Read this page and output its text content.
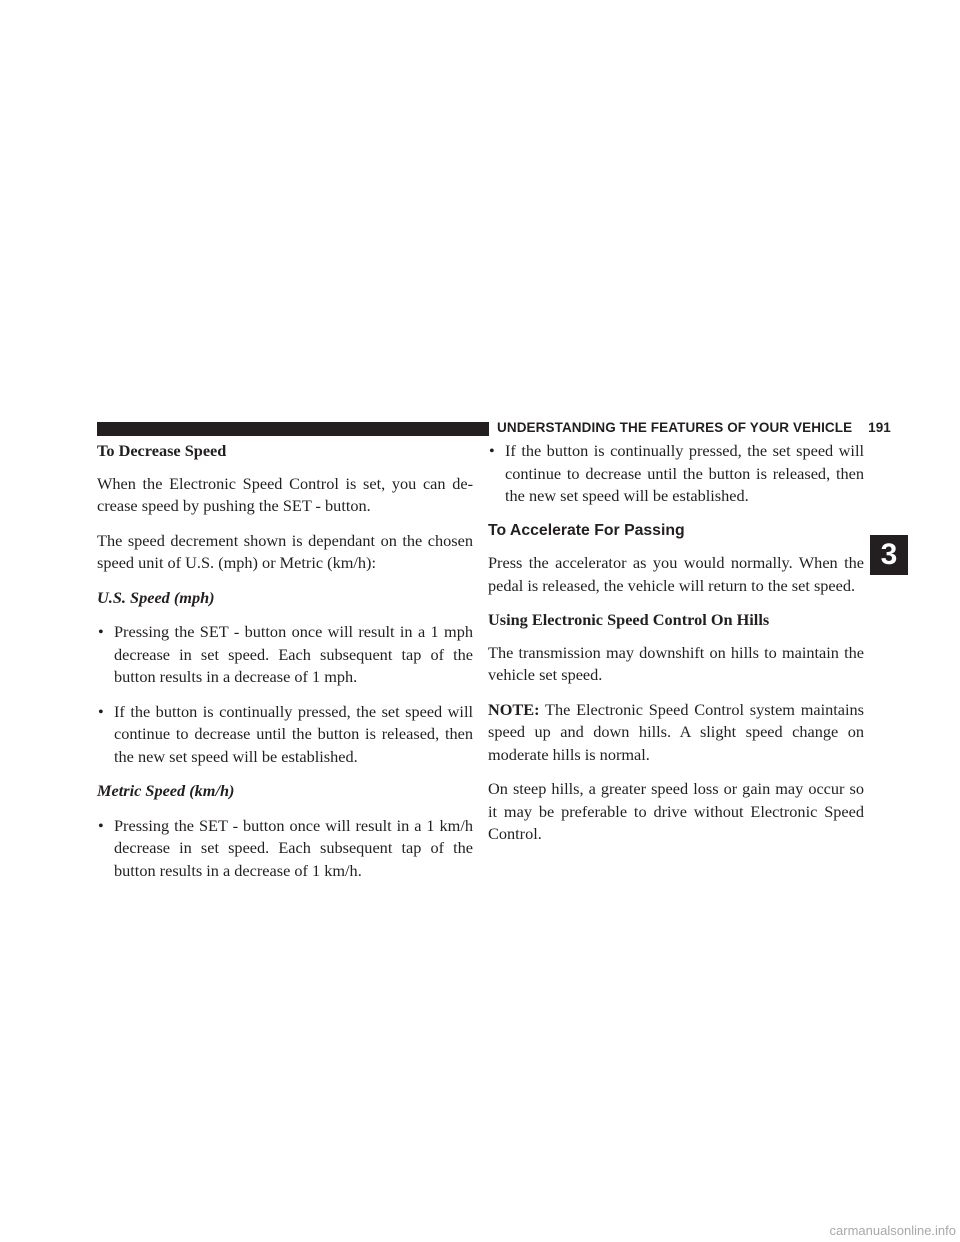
UNDERSTANDING THE FEATURES OF YOUR VEHICLE 191
To Decrease Speed

When the Electronic Speed Control is set, you can de-crease speed by pushing the SET - button.

The speed decrement shown is dependant on the chosen speed unit of U.S. (mph) or Metric (km/h):

U.S. Speed (mph)
• Pressing the SET - button once will result in a 1 mph decrease in set speed. Each subsequent tap of the button results in a decrease of 1 mph.
• If the button is continually pressed, the set speed will continue to decrease until the button is released, then the new set speed will be established.
Metric Speed (km/h)
• Pressing the SET - button once will result in a 1 km/h decrease in set speed. Each subsequent tap of the button results in a decrease of 1 km/h.
• If the button is continually pressed, the set speed will continue to decrease until the button is released, then the new set speed will be established.
To Accelerate For Passing

Press the accelerator as you would normally. When the pedal is released, the vehicle will return to the set speed.

Using Electronic Speed Control On Hills

The transmission may downshift on hills to maintain the vehicle set speed.

NOTE: The Electronic Speed Control system maintains speed up and down hills. A slight speed change on moderate hills is normal.

On steep hills, a greater speed loss or gain may occur so it may be preferable to drive without Electronic Speed Control.

3
carmanualsonline.info
